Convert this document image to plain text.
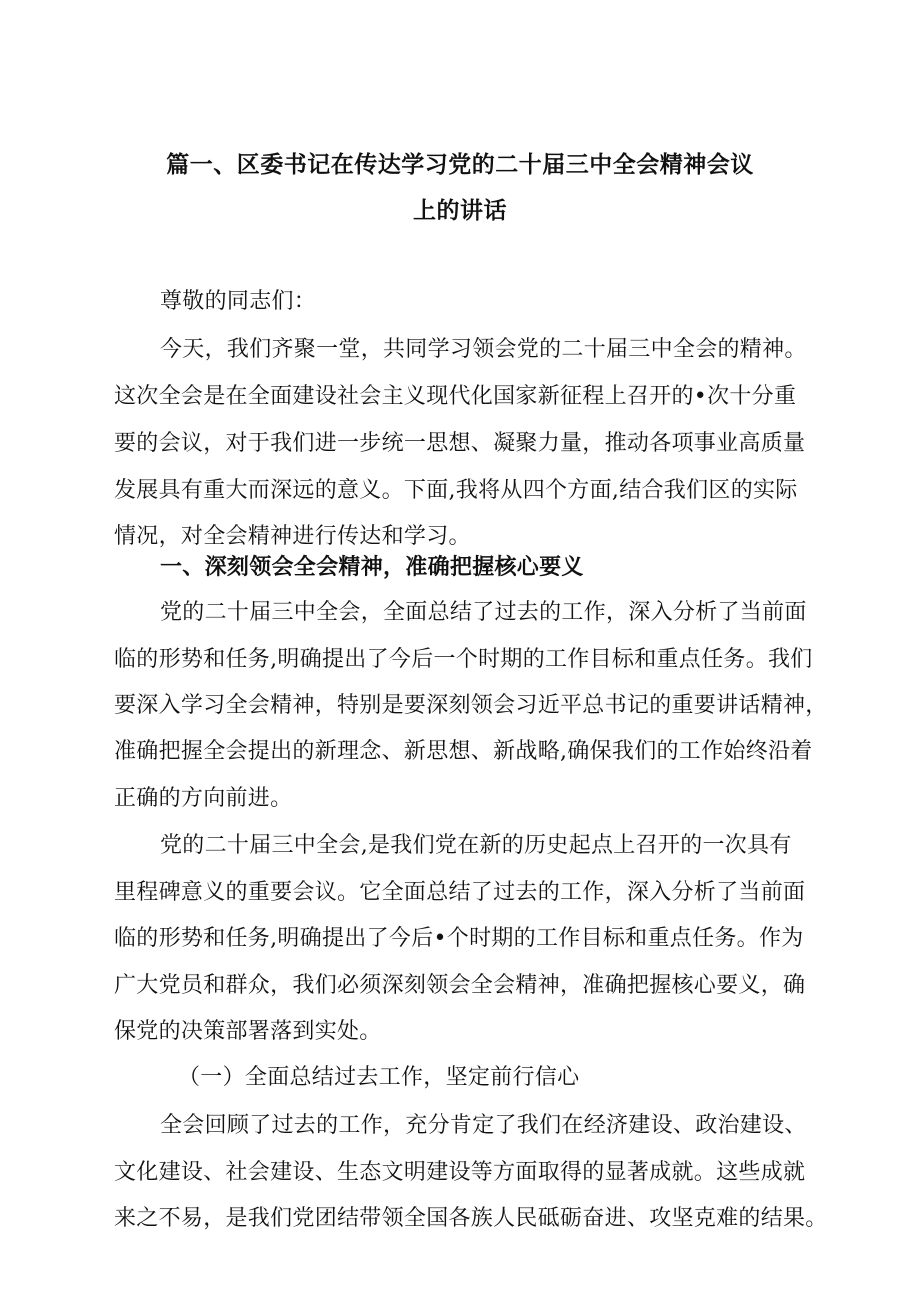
篇一、区委书记在传达学习党的二十届三中全会精神会议
上的讲话
尊敬的同志们：
今天，我们齐聚一堂，共同学习领会党的二十届三中全会的精神。
这次全会是在全面建设社会主义现代化国家新征程上召开的•次十分重
要的会议，对于我们进一步统一思想、凝聚力量，推动各项事业高质量
发展具有重大而深远的意义。下面,我将从四个方面,结合我们区的实际
情况，对全会精神进行传达和学习。
一、深刻领会全会精神，准确把握核心要义
党的二十届三中全会，全面总结了过去的工作，深入分析了当前面
临的形势和任务,明确提出了今后一个时期的工作目标和重点任务。我们
要深入学习全会精神，特别是要深刻领会习近平总书记的重要讲话精神，
准确把握全会提出的新理念、新思想、新战略,确保我们的工作始终沿着
正确的方向前进。
党的二十届三中全会,是我们党在新的历史起点上召开的一次具有
里程碑意义的重要会议。它全面总结了过去的工作，深入分析了当前面
临的形势和任务,明确提出了今后•个时期的工作目标和重点任务。作为
广大党员和群众，我们必须深刻领会全会精神，准确把握核心要义，确
保党的决策部署落到实处。
（一）全面总结过去工作，坚定前行信心
全会回顾了过去的工作，充分肯定了我们在经济建设、政治建设、
文化建设、社会建设、生态文明建设等方面取得的显著成就。这些成就
来之不易，是我们党团结带领全国各族人民砥砺奋进、攻坚克难的结果。
